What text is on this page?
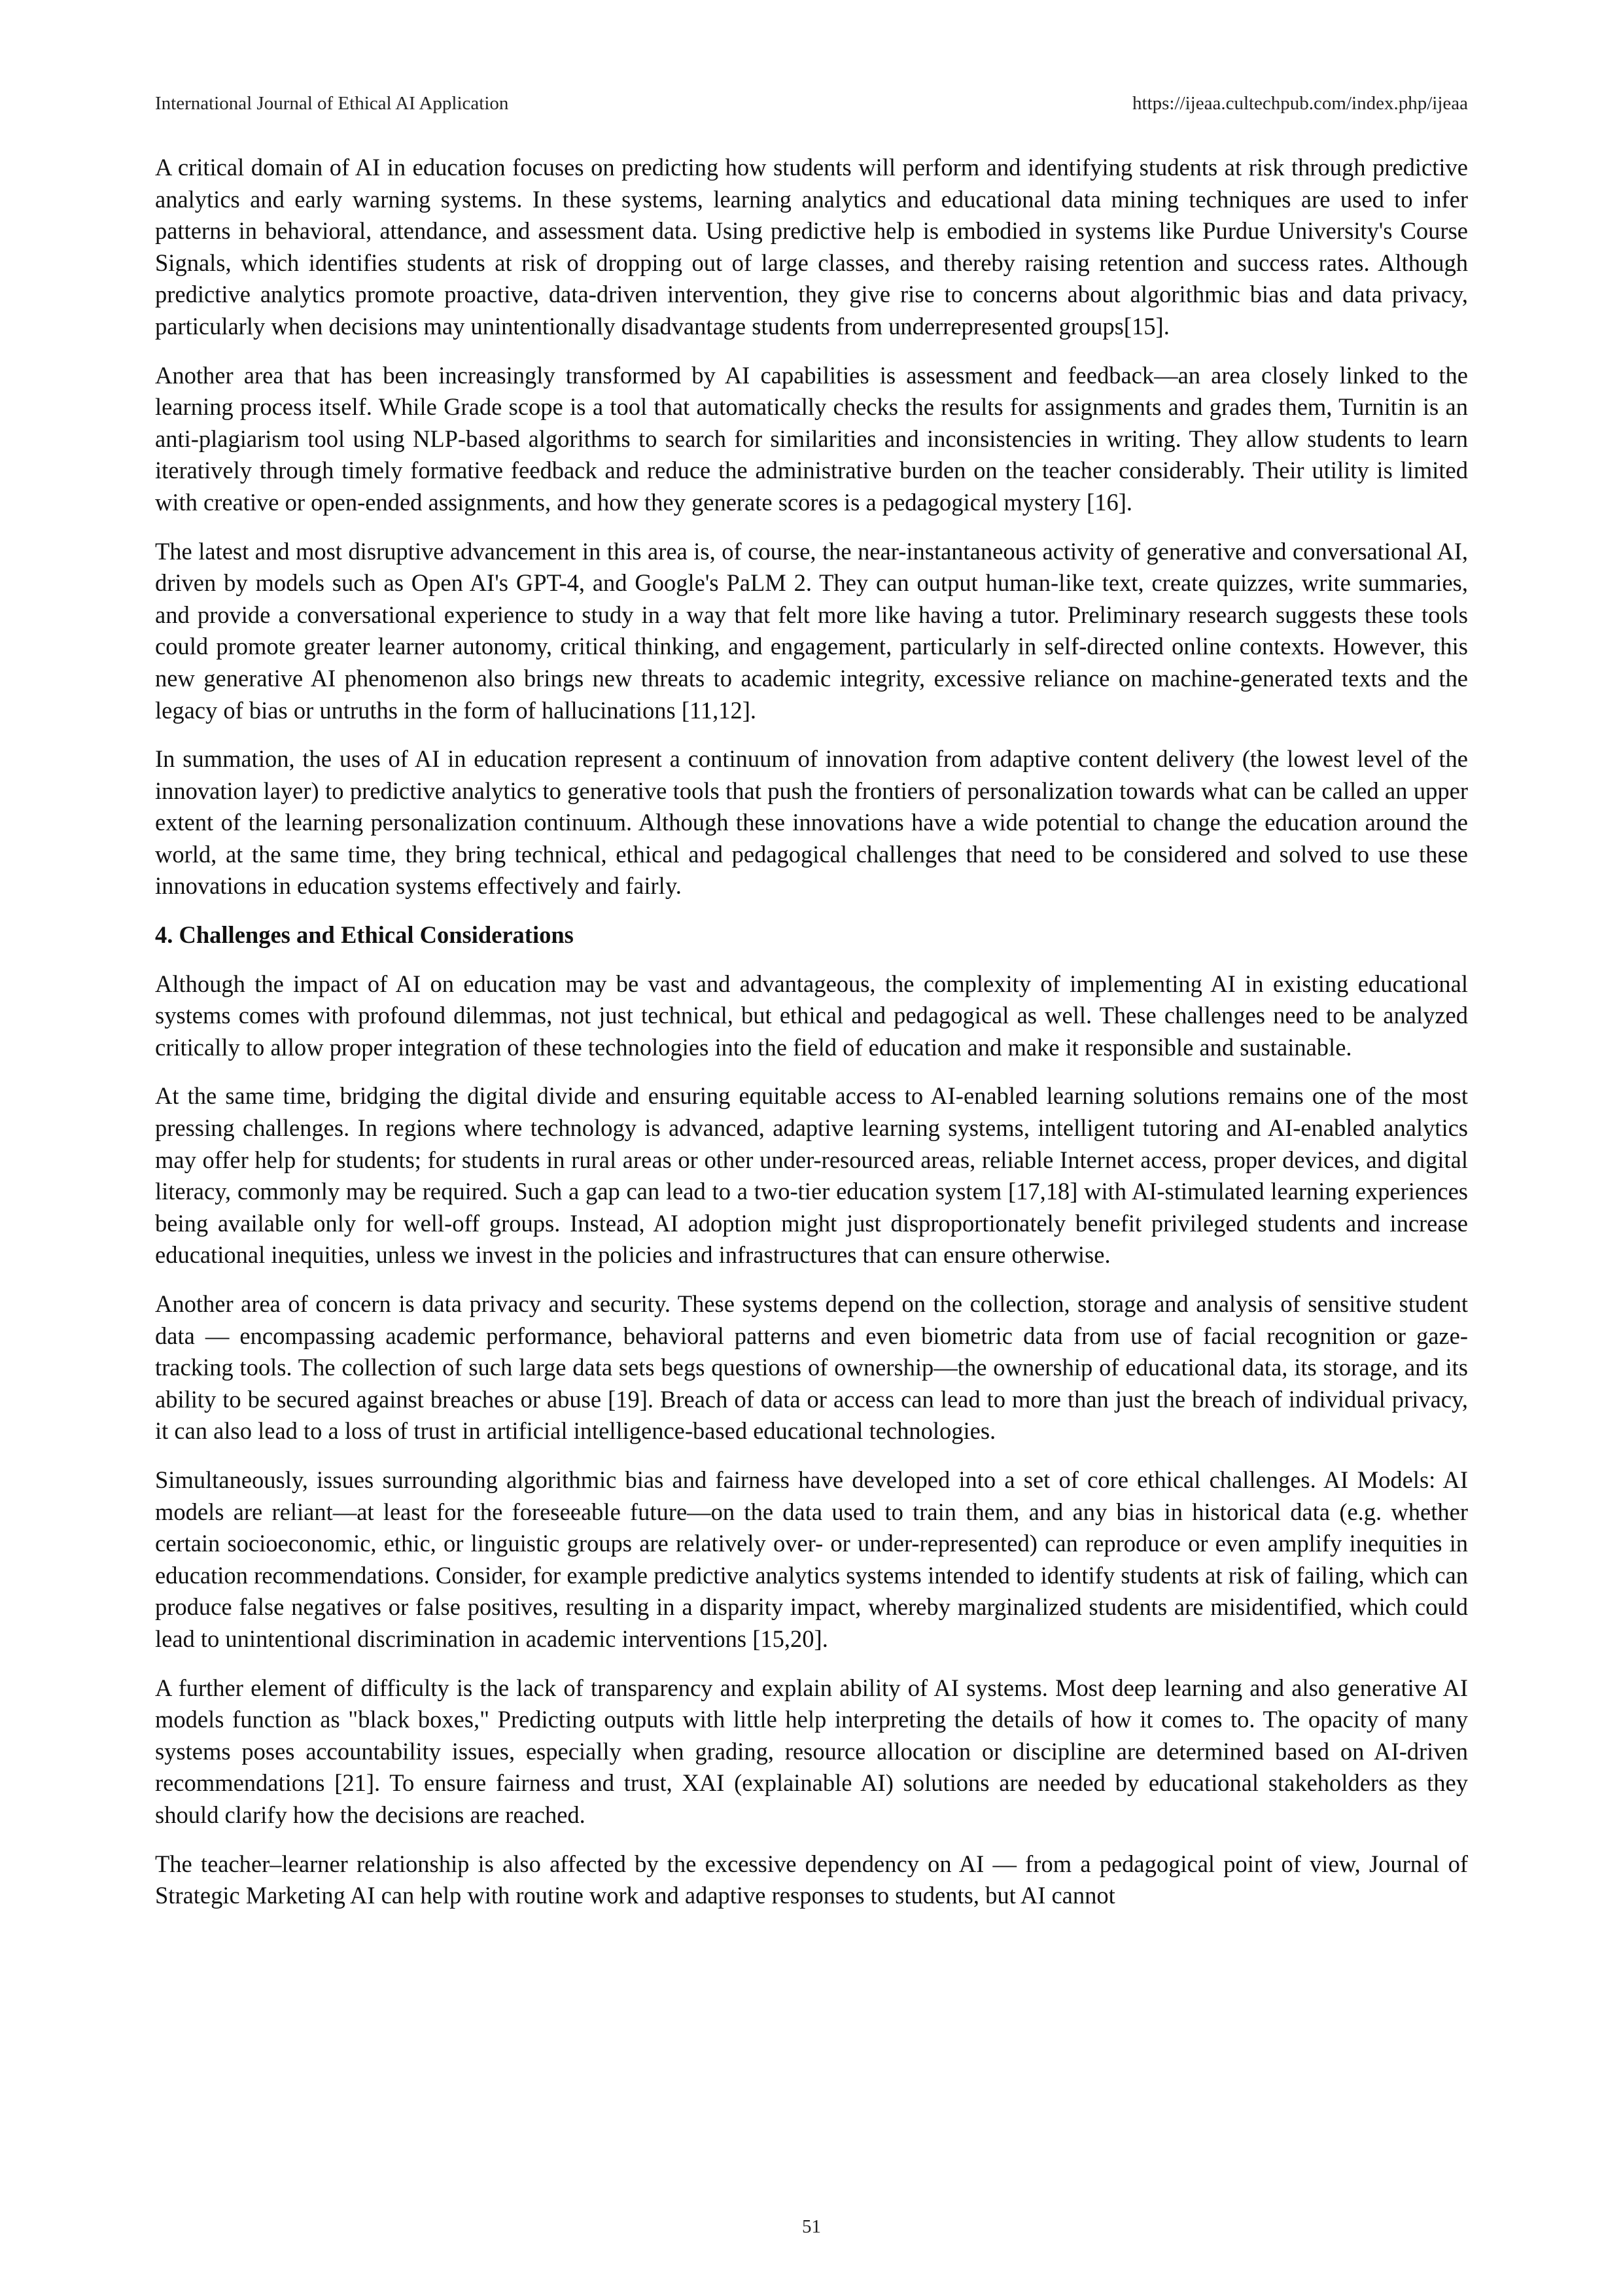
International Journal of Ethical AI Application	https://ijeaa.cultechpub.com/index.php/ijeaa

A critical domain of AI in education focuses on predicting how students will perform and identifying students at risk through predictive analytics and early warning systems. In these systems, learning analytics and educational data mining techniques are used to infer patterns in behavioral, attendance, and assessment data. Using predictive help is embodied in systems like Purdue University's Course Signals, which identifies students at risk of dropping out of large classes, and thereby raising retention and success rates. Although predictive analytics promote proactive, data-driven intervention, they give rise to concerns about algorithmic bias and data privacy, particularly when decisions may unintentionally disadvantage students from underrepresented groups[15].

Another area that has been increasingly transformed by AI capabilities is assessment and feedback—an area closely linked to the learning process itself. While Grade scope is a tool that automatically checks the results for assignments and grades them, Turnitin is an anti-plagiarism tool using NLP-based algorithms to search for similarities and inconsistencies in writing. They allow students to learn iteratively through timely formative feedback and reduce the administrative burden on the teacher considerably. Their utility is limited with creative or open-ended assignments, and how they generate scores is a pedagogical mystery [16].

The latest and most disruptive advancement in this area is, of course, the near-instantaneous activity of generative and conversational AI, driven by models such as Open AI's GPT-4, and Google's PaLM 2. They can output human-like text, create quizzes, write summaries, and provide a conversational experience to study in a way that felt more like having a tutor. Preliminary research suggests these tools could promote greater learner autonomy, critical thinking, and engagement, particularly in self-directed online contexts. However, this new generative AI phenomenon also brings new threats to academic integrity, excessive reliance on machine-generated texts and the legacy of bias or untruths in the form of hallucinations [11,12].

In summation, the uses of AI in education represent a continuum of innovation from adaptive content delivery (the lowest level of the innovation layer) to predictive analytics to generative tools that push the frontiers of personalization towards what can be called an upper extent of the learning personalization continuum. Although these innovations have a wide potential to change the education around the world, at the same time, they bring technical, ethical and pedagogical challenges that need to be considered and solved to use these innovations in education systems effectively and fairly.

4. Challenges and Ethical Considerations

Although the impact of AI on education may be vast and advantageous, the complexity of implementing AI in existing educational systems comes with profound dilemmas, not just technical, but ethical and pedagogical as well. These challenges need to be analyzed critically to allow proper integration of these technologies into the field of education and make it responsible and sustainable.

At the same time, bridging the digital divide and ensuring equitable access to AI-enabled learning solutions remains one of the most pressing challenges. In regions where technology is advanced, adaptive learning systems, intelligent tutoring and AI-enabled analytics may offer help for students; for students in rural areas or other under-resourced areas, reliable Internet access, proper devices, and digital literacy, commonly may be required. Such a gap can lead to a two-tier education system [17,18] with AI-stimulated learning experiences being available only for well-off groups. Instead, AI adoption might just disproportionately benefit privileged students and increase educational inequities, unless we invest in the policies and infrastructures that can ensure otherwise.

Another area of concern is data privacy and security. These systems depend on the collection, storage and analysis of sensitive student data — encompassing academic performance, behavioral patterns and even biometric data from use of facial recognition or gaze-tracking tools. The collection of such large data sets begs questions of ownership—the ownership of educational data, its storage, and its ability to be secured against breaches or abuse [19]. Breach of data or access can lead to more than just the breach of individual privacy, it can also lead to a loss of trust in artificial intelligence-based educational technologies.

Simultaneously, issues surrounding algorithmic bias and fairness have developed into a set of core ethical challenges. AI Models: AI models are reliant—at least for the foreseeable future—on the data used to train them, and any bias in historical data (e.g. whether certain socioeconomic, ethic, or linguistic groups are relatively over- or under-represented) can reproduce or even amplify inequities in education recommendations. Consider, for example predictive analytics systems intended to identify students at risk of failing, which can produce false negatives or false positives, resulting in a disparity impact, whereby marginalized students are misidentified, which could lead to unintentional discrimination in academic interventions [15,20].

A further element of difficulty is the lack of transparency and explain ability of AI systems. Most deep learning and also generative AI models function as "black boxes," Predicting outputs with little help interpreting the details of how it comes to. The opacity of many systems poses accountability issues, especially when grading, resource allocation or discipline are determined based on AI-driven recommendations [21]. To ensure fairness and trust, XAI (explainable AI) solutions are needed by educational stakeholders as they should clarify how the decisions are reached.

The teacher–learner relationship is also affected by the excessive dependency on AI — from a pedagogical point of view, Journal of Strategic Marketing AI can help with routine work and adaptive responses to students, but AI cannot

51
